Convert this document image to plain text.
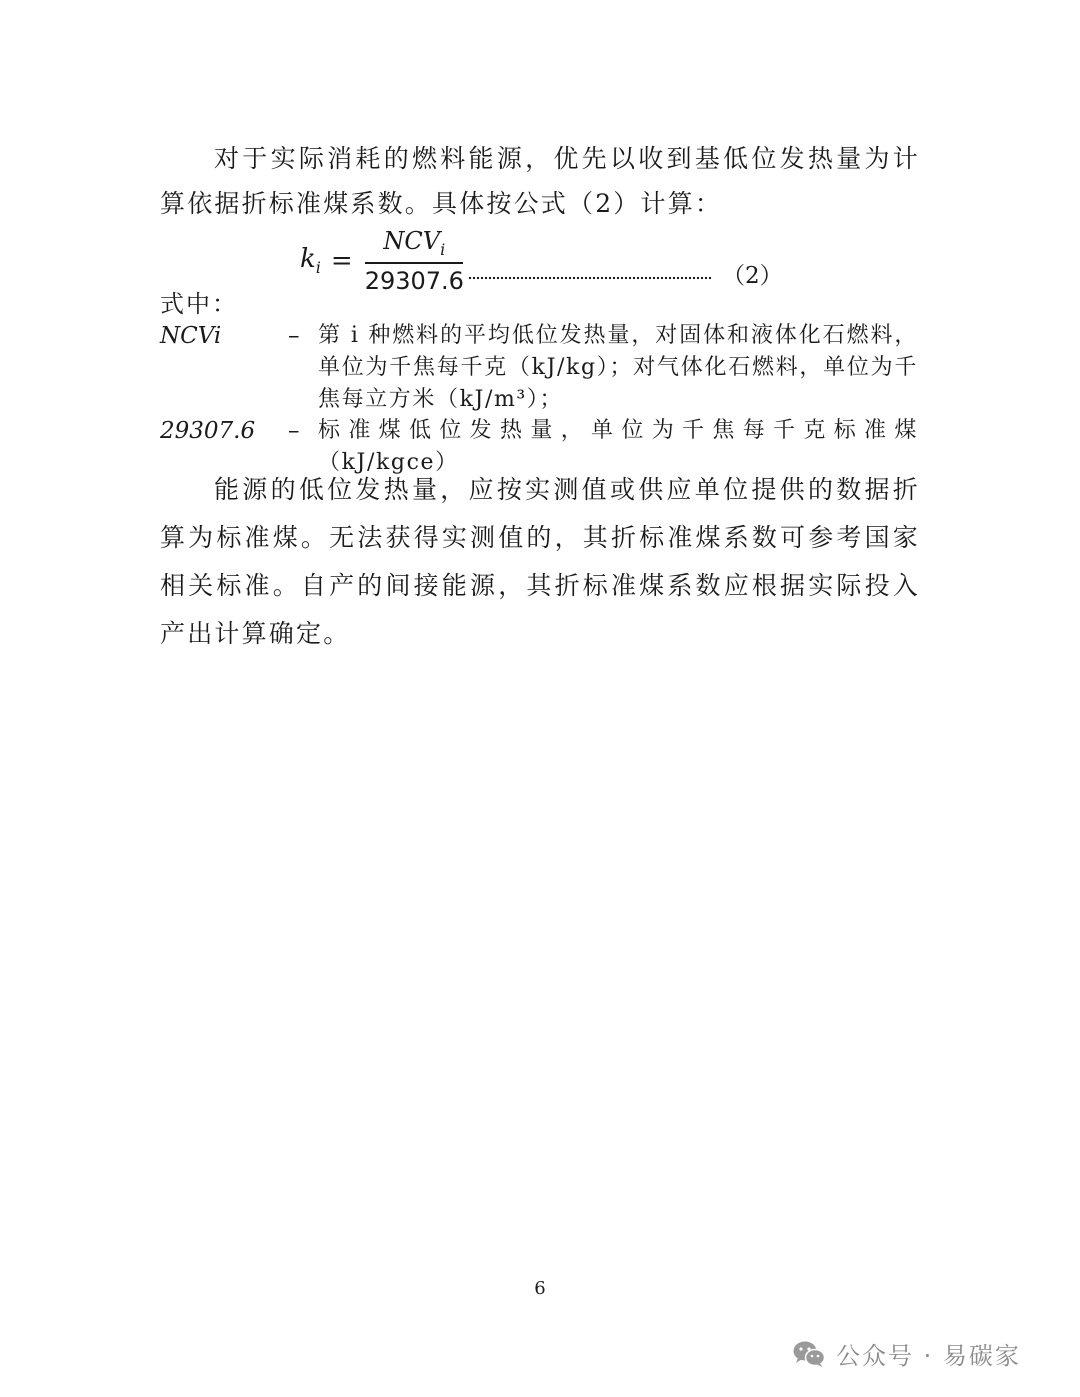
对于实际消耗的燃料能源，优先以收到基低位发热量为计算依据折标准煤系数。具体按公式（2）计算：

$k_i = \frac{NCV_i}{29307.6}$	（2）
式中：
NCVi	– 第 i 种燃料的平均低位发热量，对固体和液体化石燃料，单位为千焦每千克（kJ/kg）；对气体化石燃料，单位为千焦每立方米（kJ/m³）；
29307.6	– 标准煤低位发热量，单位为千焦每千克标准煤（kJ/kgce）

能源的低位发热量，应按实测值或供应单位提供的数据折算为标准煤。无法获得实测值的，其折标准煤系数可参考国家相关标准。自产的间接能源，其折标准煤系数应根据实际投入产出计算确定。

6
公众号 · 易碳家
